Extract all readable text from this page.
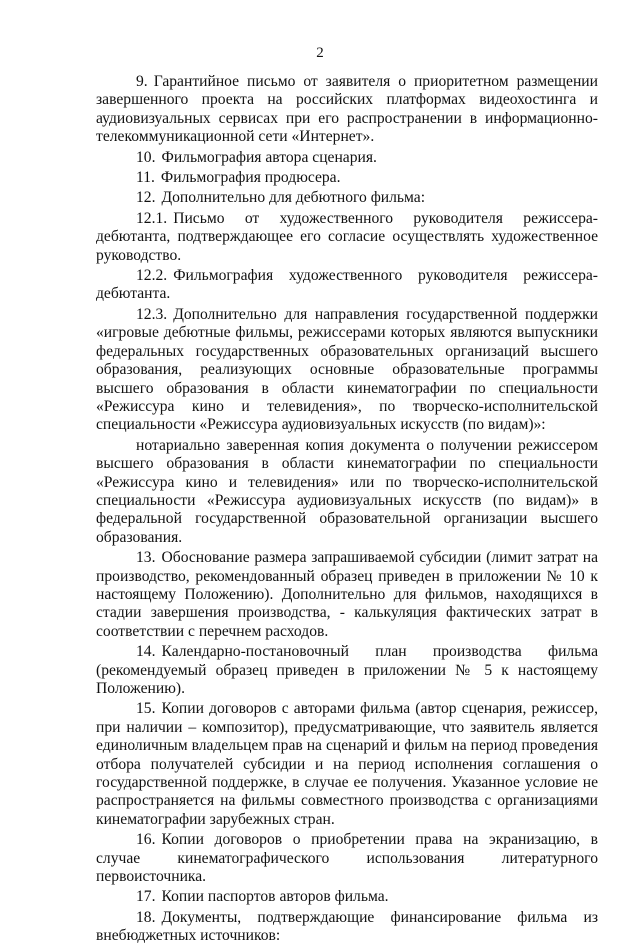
2

9. Гарантийное письмо от заявителя о приоритетном размещении завершенного проекта на российских платформах видеохостинга и аудиовизуальных сервисах при его распространении в информационно-телекоммуникационной сети «Интернет».

10. Фильмография автора сценария.

11. Фильмография продюсера.

12. Дополнительно для дебютного фильма:

12.1. Письмо от художественного руководителя режиссера-дебютанта, подтверждающее его согласие осуществлять художественное руководство.

12.2. Фильмография художественного руководителя режиссера-дебютанта.

12.3. Дополнительно для направления государственной поддержки «игровые дебютные фильмы, режиссерами которых являются выпускники федеральных государственных образовательных организаций высшего образования, реализующих основные образовательные программы высшего образования в области кинематографии по специальности «Режиссура кино и телевидения», по творческо-исполнительской специальности «Режиссура аудиовизуальных искусств (по видам)»:

нотариально заверенная копия документа о получении режиссером высшего образования в области кинематографии по специальности «Режиссура кино и телевидения» или по творческо-исполнительской специальности «Режиссура аудиовизуальных искусств (по видам)» в федеральной государственной образовательной организации высшего образования.

13. Обоснование размера запрашиваемой субсидии (лимит затрат на производство, рекомендованный образец приведен в приложении № 10 к настоящему Положению). Дополнительно для фильмов, находящихся в стадии завершения производства, - калькуляция фактических затрат в соответствии с перечнем расходов.

14. Календарно-постановочный план производства фильма (рекомендуемый образец приведен в приложении № 5 к настоящему Положению).

15. Копии договоров с авторами фильма (автор сценария, режиссер, при наличии – композитор), предусматривающие, что заявитель является единоличным владельцем прав на сценарий и фильм на период проведения отбора получателей субсидии и на период исполнения соглашения о государственной поддержке, в случае ее получения. Указанное условие не распространяется на фильмы совместного производства с организациями кинематографии зарубежных стран.

16. Копии договоров о приобретении права на экранизацию, в случае кинематографического использования литературного первоисточника.

17. Копии паспортов авторов фильма.

18. Документы, подтверждающие финансирование фильма из внебюджетных источников:
